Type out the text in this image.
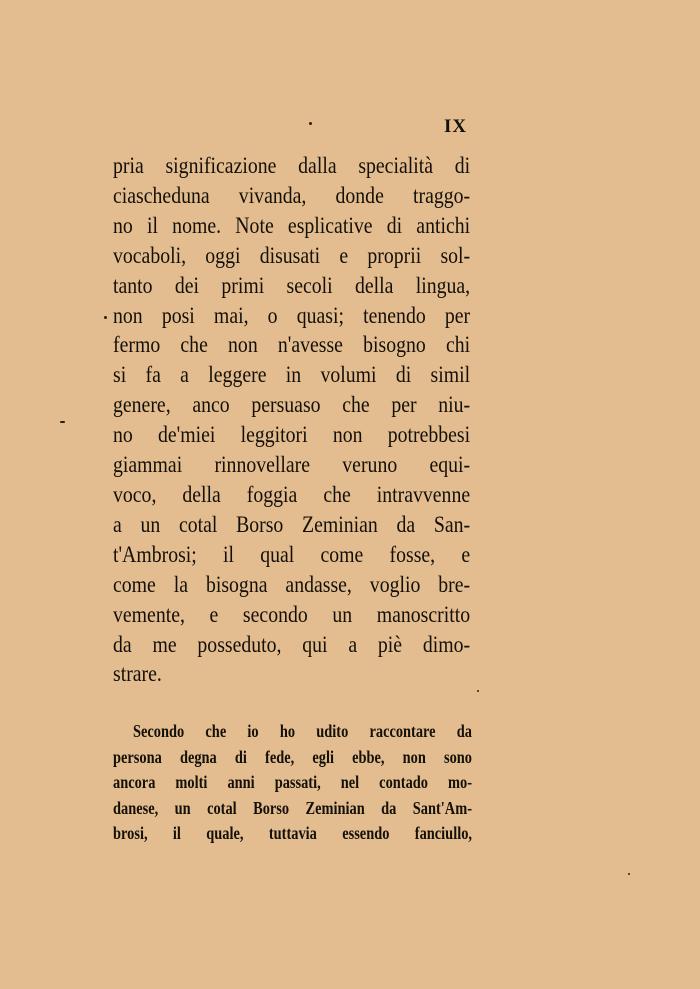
IX
pria significazione dalla specialità di
ciascheduna vivanda, donde traggo-
no il nome. Note esplicative di antichi
vocaboli, oggi disusati e proprii sol-
tanto dei primi secoli della lingua,
non posi mai, o quasi; tenendo per
fermo che non n'avesse bisogno chi
si fa a leggere in volumi di simil
genere, anco persuaso che per niu-
no de'miei leggitori non potrebbesi
giammai rinnovellare veruno equi-
voco, della foggia che intravvenne
a un cotal Borso Zeminian da San-
t'Ambrosi; il qual come fosse, e
come la bisogna andasse, voglio bre-
vemente, e secondo un manoscritto
da me posseduto, qui a piè dimo-
strare.
Secondo che io ho udito raccontare da
persona degna di fede, egli ebbe, non sono
ancora molti anni passati, nel contado mo-
danese, un cotal Borso Zeminian da Sant'Am-
brosi, il quale, tuttavia essendo fanciullo,
